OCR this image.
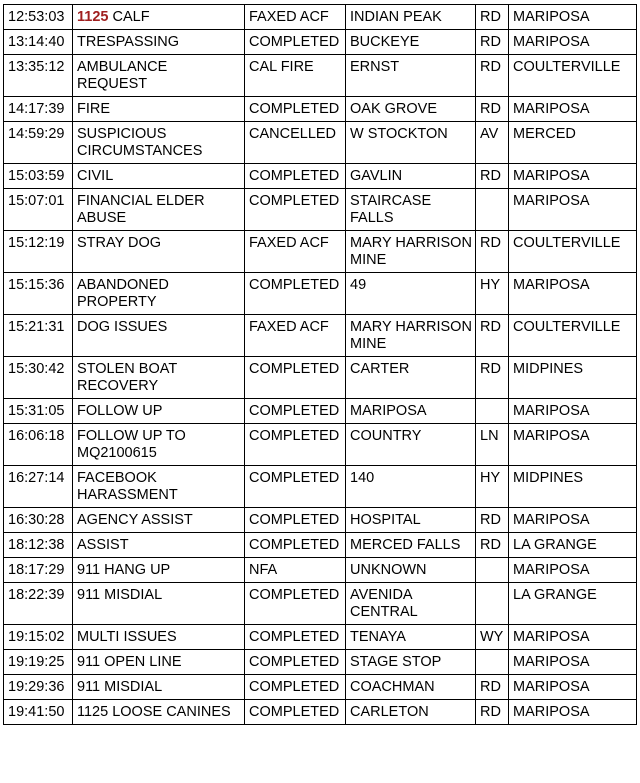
12:53:03	1125 CALF	FAXED ACF	INDIAN PEAK	RD	MARIPOSA
13:14:40	TRESPASSING	COMPLETED	BUCKEYE	RD	MARIPOSA
13:35:12	AMBULANCE REQUEST	CAL FIRE	ERNST	RD	COULTERVILLE
14:17:39	FIRE	COMPLETED	OAK GROVE	RD	MARIPOSA
14:59:29	SUSPICIOUS CIRCUMSTANCES	CANCELLED	W STOCKTON	AV	MERCED
15:03:59	CIVIL	COMPLETED	GAVLIN	RD	MARIPOSA
15:07:01	FINANCIAL ELDER ABUSE	COMPLETED	STAIRCASE FALLS		MARIPOSA
15:12:19	STRAY DOG	FAXED ACF	MARY HARRISON MINE	RD	COULTERVILLE
15:15:36	ABANDONED PROPERTY	COMPLETED	49	HY	MARIPOSA
15:21:31	DOG ISSUES	FAXED ACF	MARY HARRISON MINE	RD	COULTERVILLE
15:30:42	STOLEN BOAT RECOVERY	COMPLETED	CARTER	RD	MIDPINES
15:31:05	FOLLOW UP	COMPLETED	MARIPOSA		MARIPOSA
16:06:18	FOLLOW UP TO MQ2100615	COMPLETED	COUNTRY	LN	MARIPOSA
16:27:14	FACEBOOK HARASSMENT	COMPLETED	140	HY	MIDPINES
16:30:28	AGENCY ASSIST	COMPLETED	HOSPITAL	RD	MARIPOSA
18:12:38	ASSIST	COMPLETED	MERCED FALLS	RD	LA GRANGE
18:17:29	911 HANG UP	NFA	UNKNOWN		MARIPOSA
18:22:39	911 MISDIAL	COMPLETED	AVENIDA CENTRAL		LA GRANGE
19:15:02	MULTI ISSUES	COMPLETED	TENAYA	WY	MARIPOSA
19:19:25	911 OPEN LINE	COMPLETED	STAGE STOP		MARIPOSA
19:29:36	911 MISDIAL	COMPLETED	COACHMAN	RD	MARIPOSA
19:41:50	1125 LOOSE CANINES	COMPLETED	CARLETON	RD	MARIPOSA
